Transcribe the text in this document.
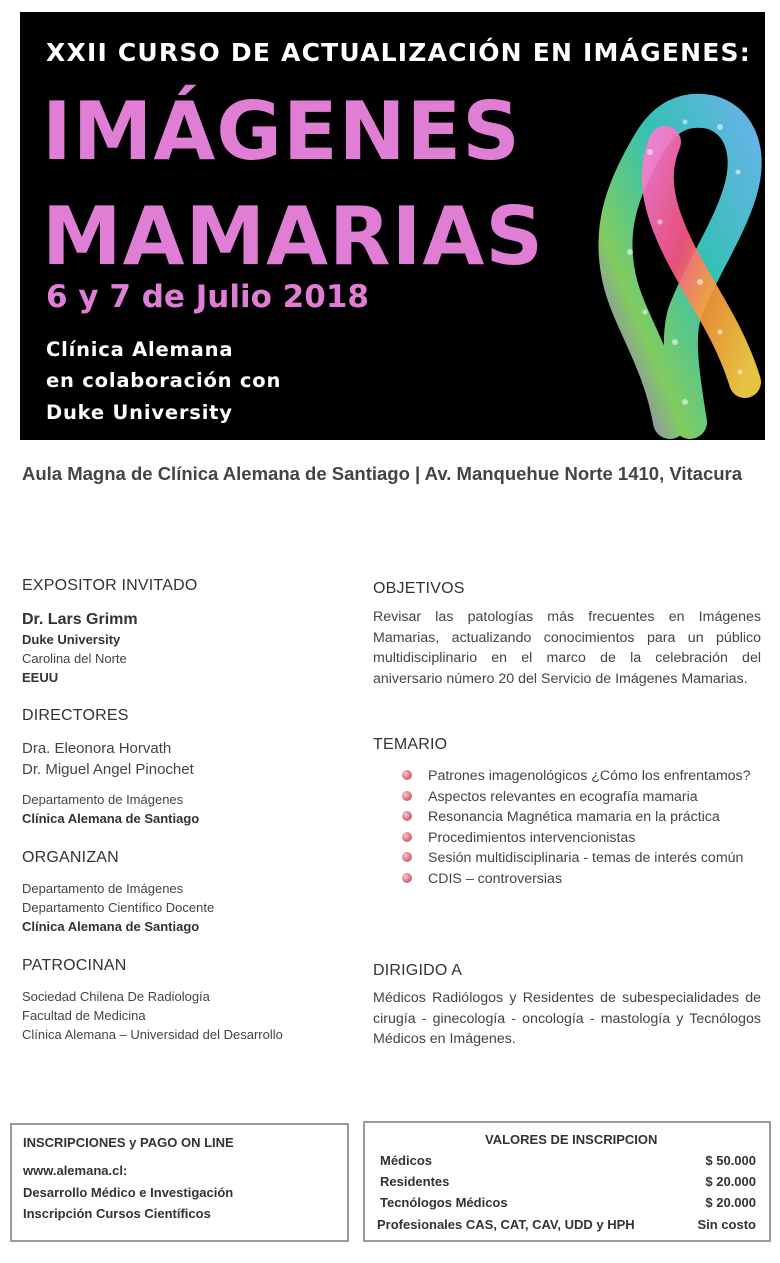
XXII CURSO DE ACTUALIZACIÓN EN IMÁGENES:
IMÁGENES
MAMARIAS
6 y 7 de Julio 2018
Clínica Alemana
en colaboración con
Duke University
Aula Magna de Clínica Alemana de Santiago | Av. Manquehue Norte 1410, Vitacura
EXPOSITOR INVITADO
Dr. Lars Grimm
Duke University
Carolina del Norte
EEUU
DIRECTORES
Dra. Eleonora Horvath
Dr. Miguel Angel Pinochet
Departamento de Imágenes
Clínica Alemana de Santiago
ORGANIZAN
Departamento de Imágenes
Departamento Científico Docente
Clínica Alemana de Santiago
PATROCINAN
Sociedad Chilena De Radiología
Facultad de Medicina
Clínica Alemana – Universidad del Desarrollo
OBJETIVOS
Revisar las patologías más frecuentes en Imágenes Mamarias, actualizando conocimientos para un público multidisciplinario en el marco de la celebración del aniversario número 20 del Servicio de Imágenes Mamarias.
TEMARIO
Patrones imagenológicos ¿Cómo los enfrentamos?
Aspectos relevantes en ecografía mamaria
Resonancia Magnética mamaria en la práctica
Procedimientos intervencionistas
Sesión multidisciplinaria - temas de interés común
CDIS – controversias
DIRIGIDO A
Médicos Radiólogos y Residentes de subespecialidades de cirugía - ginecología - oncología - mastología y Tecnólogos Médicos en Imágenes.
INSCRIPCIONES y PAGO ON LINE
www.alemana.cl:
Desarrollo Médico e Investigación
Inscripción Cursos Científicos
VALORES DE INSCRIPCION
Médicos	$ 50.000
Residentes	$ 20.000
Tecnólogos Médicos	$ 20.000
Profesionales CAS, CAT, CAV, UDD y HPH	Sin costo
